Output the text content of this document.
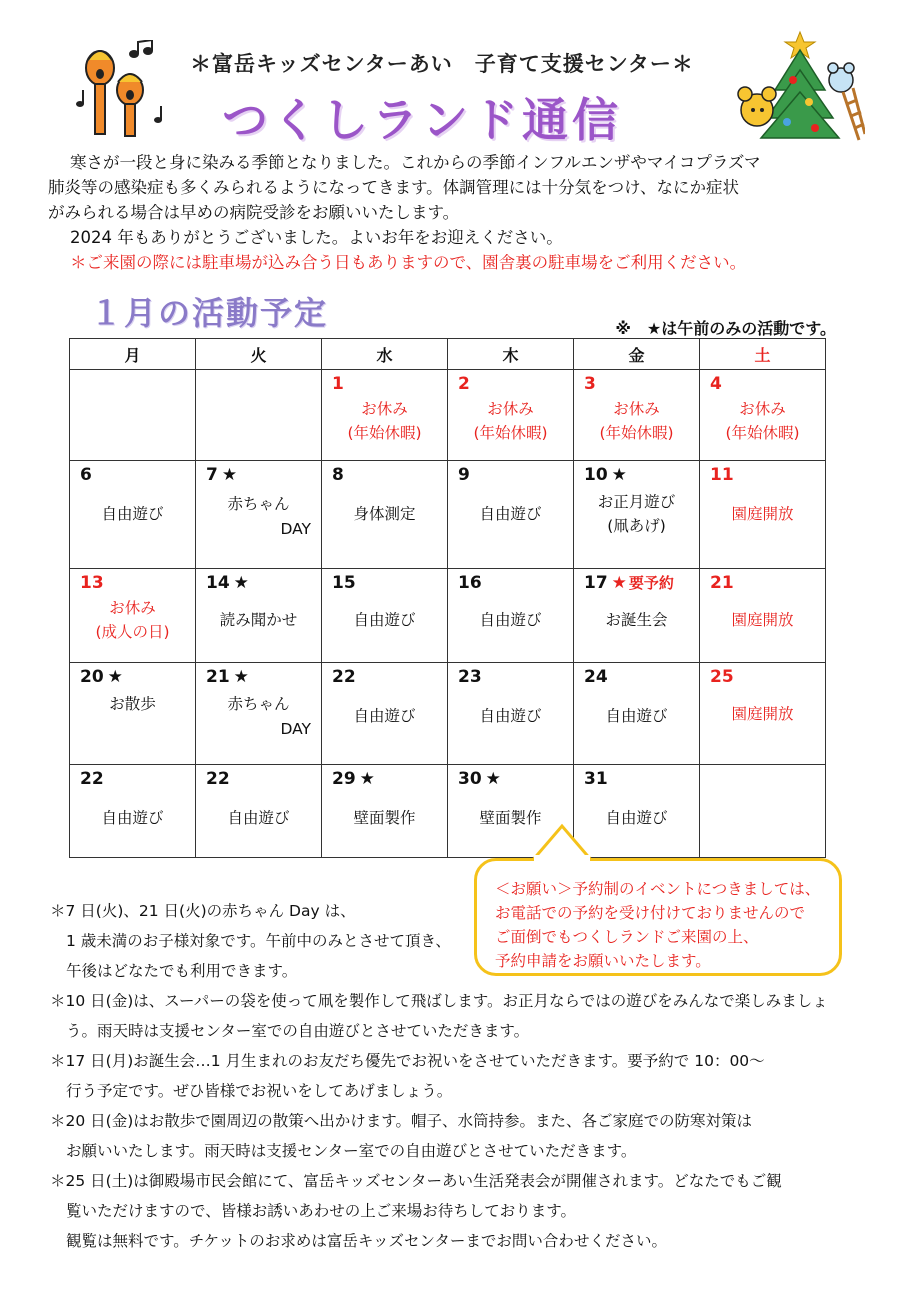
＊富岳キッズセンターあい　子育て支援センター＊
つくしランド通信

寒さが一段と身に染みる季節となりました。これからの季節インフルエンザやマイコプラズマ

肺炎等の感染症も多くみられるようになってきます。体調管理には十分気をつけ、なにか症状

がみられる場合は早めの病院受診をお願いいたします。

2024 年もありがとうございました。よいお年をお迎えください。

＊ご来園の際には駐車場が込み合う日もありますので、園舎裏の駐車場をご利用ください。

１月の活動予定	※　★は午前のみの活動です。
月	火	水	木	金	土

		1
お休み
(年始休暇)	2
お休み
(年始休暇)	3
お休み
(年始休暇)	4
お休み
(年始休暇)

6
自由遊び	7 ★
赤ちゃん
DAY	8
身体測定	9
自由遊び	10 ★
お正月遊び
(凧あげ)	11
園庭開放

13
お休み
(成人の日)	14 ★
読み聞かせ	15
自由遊び	16
自由遊び	17 ★ 要予約
お誕生会	21
園庭開放

20 ★
お散歩	21 ★
赤ちゃん
DAY	22
自由遊び	23
自由遊び	24
自由遊び	25
園庭開放

22
自由遊び	22
自由遊び	29 ★
壁面製作	30 ★
壁面製作	31
自由遊び	

＜お願い＞予約制のイベントにつきましては、

お電話での予約を受け付けておりませんので

ご面倒でもつくしランドご来園の上、

予約申請をお願いいたします。

＊7 日(火)、21 日(火)の赤ちゃん Day は、

1 歳未満のお子様対象です。午前中のみとさせて頂き、

午後はどなたでも利用できます。

＊10 日(金)は、スーパーの袋を使って凧を製作して飛ばします。お正月ならではの遊びをみんなで楽しみましょ

う。雨天時は支援センター室での自由遊びとさせていただきます。

＊17 日(月)お誕生会…1 月生まれのお友だち優先でお祝いをさせていただきます。要予約で 10：00～

行う予定です。ぜひ皆様でお祝いをしてあげましょう。

＊20 日(金)はお散歩で園周辺の散策へ出かけます。帽子、水筒持参。また、各ご家庭での防寒対策は

お願いいたします。雨天時は支援センター室での自由遊びとさせていただきます。

＊25 日(土)は御殿場市民会館にて、富岳キッズセンターあい生活発表会が開催されます。どなたでもご観

覧いただけますので、皆様お誘いあわせの上ご来場お待ちしております。

観覧は無料です。チケットのお求めは富岳キッズセンターまでお問い合わせください。
